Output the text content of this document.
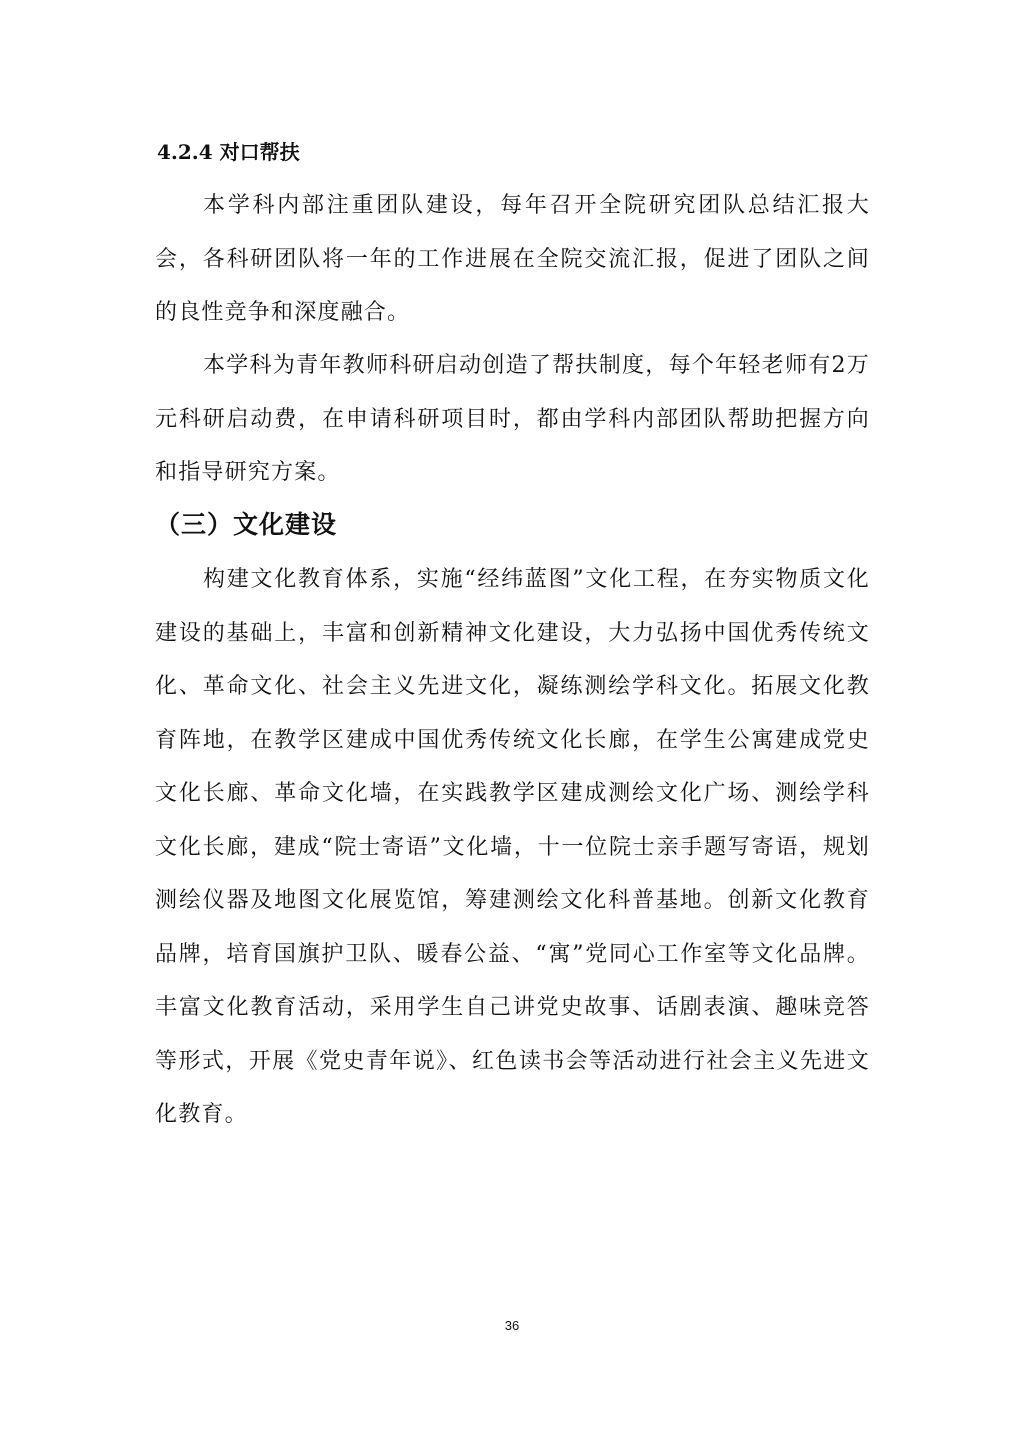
4.2.4 对口帮扶

本学科内部注重团队建设，每年召开全院研究团队总结汇报大会，各科研团队将一年的工作进展在全院交流汇报，促进了团队之间的良性竞争和深度融合。

本学科为青年教师科研启动创造了帮扶制度，每个年轻老师有2万元科研启动费，在申请科研项目时，都由学科内部团队帮助把握方向和指导研究方案。

（三）文化建设

构建文化教育体系，实施“经纬蓝图”文化工程，在夯实物质文化建设的基础上，丰富和创新精神文化建设，大力弘扬中国优秀传统文化、革命文化、社会主义先进文化，凝练测绘学科文化。拓展文化教育阵地，在教学区建成中国优秀传统文化长廊，在学生公寓建成党史文化长廊、革命文化墙，在实践教学区建成测绘文化广场、测绘学科文化长廊，建成“院士寄语”文化墙，十一位院士亲手题写寄语，规划测绘仪器及地图文化展览馆，筹建测绘文化科普基地。创新文化教育品牌，培育国旗护卫队、暖春公益、“寓”党同心工作室等文化品牌。丰富文化教育活动，采用学生自己讲党史故事、话剧表演、趣味竞答等形式，开展《党史青年说》、红色读书会等活动进行社会主义先进文化教育。

36
